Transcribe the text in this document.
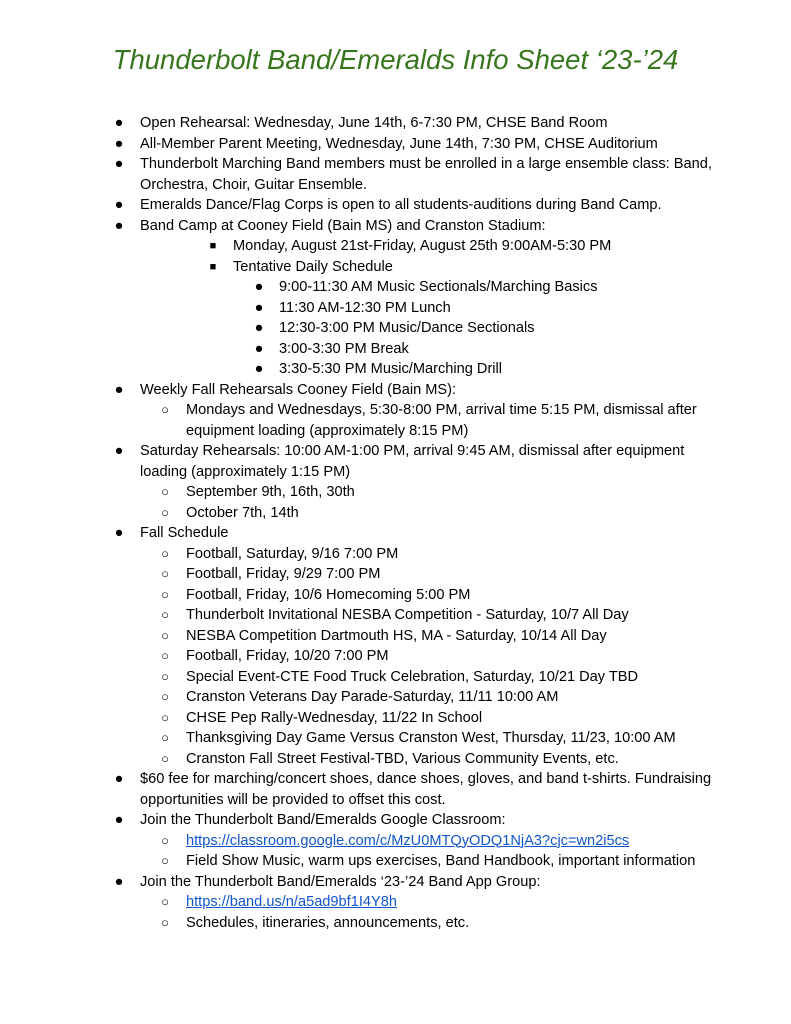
Thunderbolt Band/Emeralds Info Sheet ‘23-’24
● Open Rehearsal: Wednesday, June 14th, 6-7:30 PM, CHSE Band Room
● All-Member Parent Meeting, Wednesday, June 14th, 7:30 PM, CHSE Auditorium
● Thunderbolt Marching Band members must be enrolled in a large ensemble class: Band, Orchestra, Choir, Guitar Ensemble.
● Emeralds Dance/Flag Corps is open to all students-auditions during Band Camp.
● Band Camp at Cooney Field (Bain MS) and Cranston Stadium:
■ Monday, August 21st-Friday, August 25th 9:00AM-5:30 PM
■ Tentative Daily Schedule
● 9:00-11:30 AM Music Sectionals/Marching Basics
● 11:30 AM-12:30 PM Lunch
● 12:30-3:00 PM Music/Dance Sectionals
● 3:00-3:30 PM Break
● 3:30-5:30 PM Music/Marching Drill
● Weekly Fall Rehearsals Cooney Field (Bain MS):
○ Mondays and Wednesdays, 5:30-8:00 PM, arrival time 5:15 PM, dismissal after equipment loading (approximately 8:15 PM)
● Saturday Rehearsals: 10:00 AM-1:00 PM, arrival 9:45 AM, dismissal after equipment loading (approximately 1:15 PM)
○ September 9th, 16th, 30th
○ October 7th, 14th
● Fall Schedule
○ Football, Saturday, 9/16 7:00 PM
○ Football, Friday, 9/29 7:00 PM
○ Football, Friday, 10/6 Homecoming 5:00 PM
○ Thunderbolt Invitational NESBA Competition - Saturday, 10/7 All Day
○ NESBA Competition Dartmouth HS, MA - Saturday, 10/14 All Day
○ Football, Friday, 10/20 7:00 PM
○ Special Event-CTE Food Truck Celebration, Saturday, 10/21 Day TBD
○ Cranston Veterans Day Parade-Saturday, 11/11 10:00 AM
○ CHSE Pep Rally-Wednesday, 11/22 In School
○ Thanksgiving Day Game Versus Cranston West, Thursday, 11/23, 10:00 AM
○ Cranston Fall Street Festival-TBD, Various Community Events, etc.
● $60 fee for marching/concert shoes, dance shoes, gloves, and band t-shirts. Fundraising opportunities will be provided to offset this cost.
● Join the Thunderbolt Band/Emeralds Google Classroom:
○ https://classroom.google.com/c/MzU0MTQyODQ1NjA3?cjc=wn2i5cs
○ Field Show Music, warm ups exercises, Band Handbook, important information
● Join the Thunderbolt Band/Emeralds ‘23-’24 Band App Group:
○ https://band.us/n/a5ad9bf1I4Y8h
○ Schedules, itineraries, announcements, etc.
